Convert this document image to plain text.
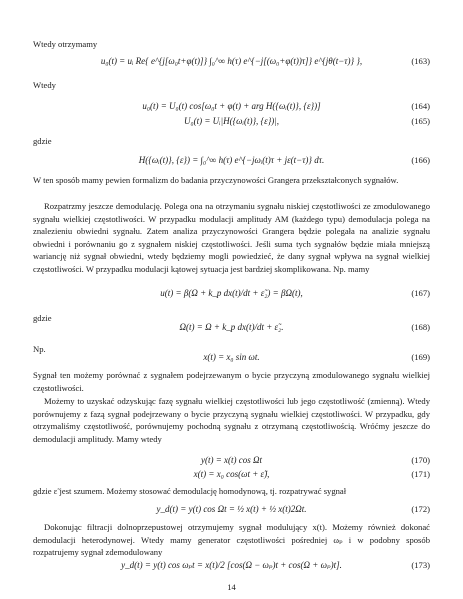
Wtedy otrzymamy

u₀(t) = uᵢ Re{ e^{j[ω₀t+φ(t)]} ∫₀^∞ h(τ) e^{−j[(ω₀+φ(t))τ]} e^{jθ(t−τ)} },	(163)

Wtedy

u₀(t) = U₀(t) cos[ω₀t + φ(t) + arg H({ωᵢ(t)}, {ε})]	(164)
U₀(t) = Uᵢ|H({ωᵢ(t)}, {ε})|,	(165)

gdzie

H({ωᵢ(t)}, {ε}) = ∫₀^∞ h(τ) e^{−jωᵢ(t)τ + jε(t−τ)} dτ.	(166)

W ten sposób mamy pewien formalizm do badania przyczynowości Grangera przekształconych sygnałów.

Rozpatrzmy jeszcze demodulację. Polega ona na otrzymaniu sygnału niskiej częstotliwości ze zmodulowanego sygnału wielkiej częstotliwości. W przypadku modulacji amplitudy AM (każdego typu) demodulacja polega na znalezieniu obwiedni sygnału. Zatem analiza przyczynowości Grangera będzie polegała na analizie sygnału obwiedni i porównaniu go z sygnałem niskiej częstotliwości. Jeśli suma tych sygnałów będzie miała mniejszą wariancję niż sygnał obwiedni, wtedy będziemy mogli powiedzieć, że dany sygnał wpływa na sygnał wielkiej częstotliwości. W przypadku modulacji kątowej sytuacja jest bardziej skomplikowana. Np. mamy

u(t) = β(Ω + k_p dx(t)/dt + ε̃₂) = βΩ(t),	(167)

gdzie

Ω(t) = Ω + k_p dx(t)/dt + ε̃₂.	(168)

Np.

x(t) = x₀ sin ωt.	(169)

Sygnał ten możemy porównać z sygnałem podejrzewanym o bycie przyczyną zmodulowanego sygnału wielkiej częstotliwości.

Możemy to uzyskać odzyskując fazę sygnału wielkiej częstotliwości lub jego częstotliwość (zmienną). Wtedy porównujemy z fazą sygnał podejrzewany o bycie przyczyną sygnału wielkiej częstotliwości. W przypadku, gdy otrzymaliśmy częstotliwość, porównujemy pochodną sygnału z otrzymaną częstotliwością. Wróćmy jeszcze do demodulacji amplitudy. Mamy wtedy

y(t) = x(t) cos Ωt	(170)
x(t) = x₀ cos(ωt + ε̃),	(171)

gdzie ε̃ jest szumem. Możemy stosować demodulację homodynową, tj. rozpatrywać sygnał

y_d(t) = y(t) cos Ωt = ½ x(t) + ½ x(t)2Ωt.	(172)

Dokonując filtracji dolnoprzepustowej otrzymujemy sygnał modulujący x(t). Możemy również dokonać demodulacji heterodynowej. Wtedy mamy generator częstotliwości pośredniej ωₚ i w podobny sposób rozpatrujemy sygnał zdemodulowany

y_d(t) = y(t) cos ωₚt = x(t)/2 [cos(Ω − ωₚ)t + cos(Ω + ωₚ)t].	(173)
14
